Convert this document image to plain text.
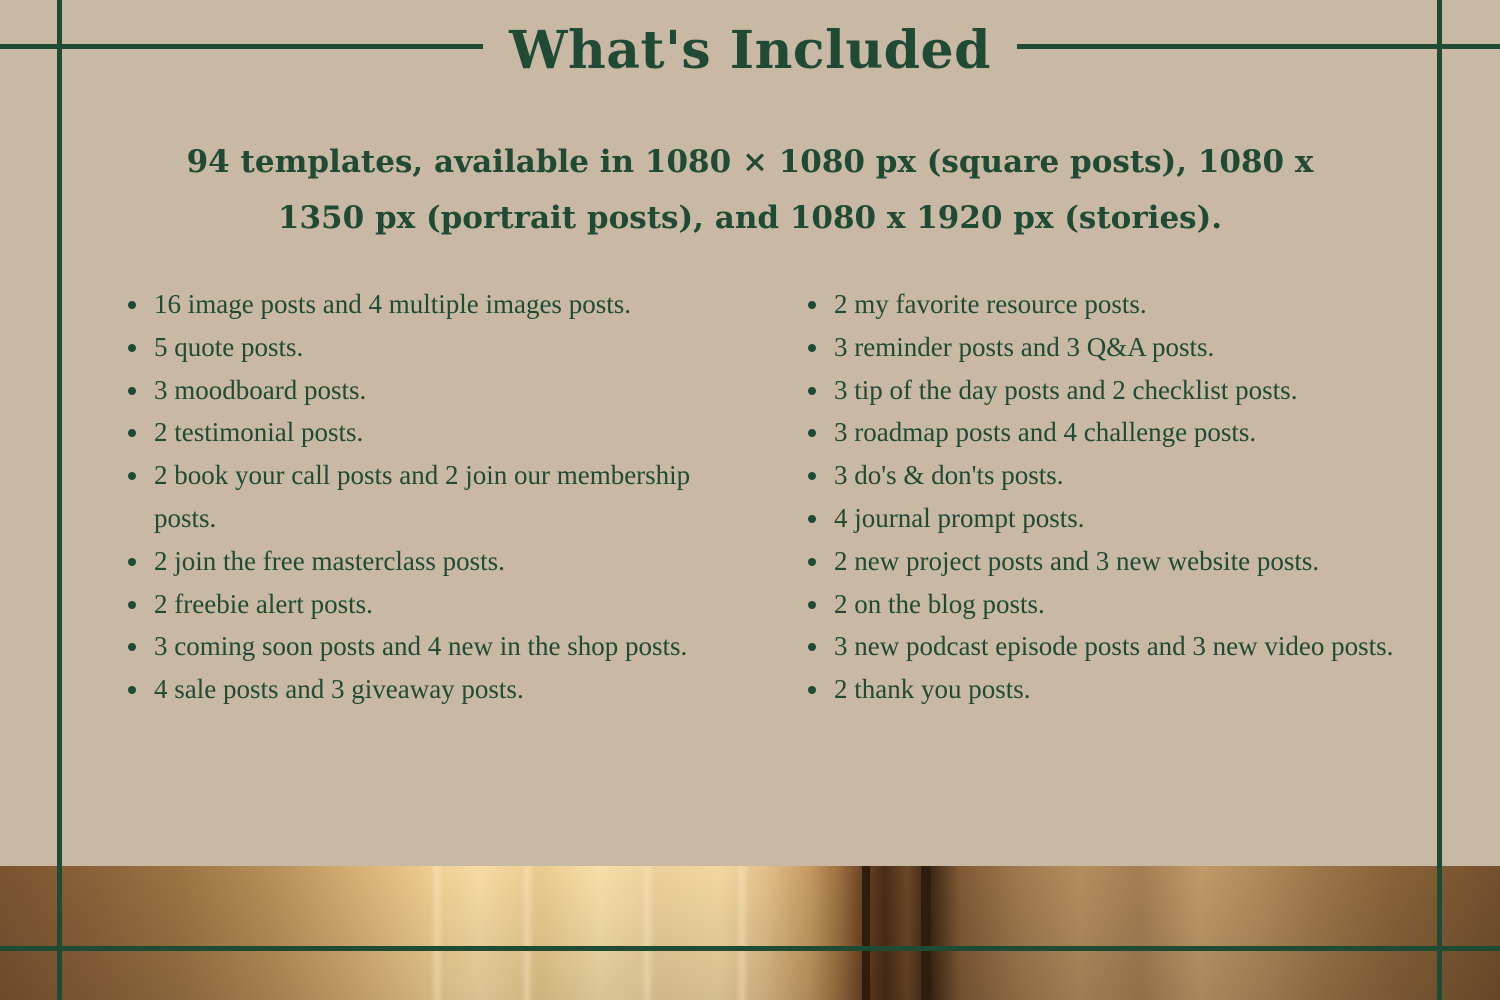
What's Included

94 templates, available in 1080 × 1080 px (square posts), 1080 x 1350 px (portrait posts), and 1080 x 1920 px (stories).

16 image posts and 4 multiple images posts.
5 quote posts.
3 moodboard posts.
2 testimonial posts.
2 book your call posts and 2 join our membership posts.
2 join the free masterclass posts.
2 freebie alert posts.
3 coming soon posts and 4 new in the shop posts.
4 sale posts and 3 giveaway posts.
2 my favorite resource posts.
3 reminder posts and 3 Q&A posts.
3 tip of the day posts and 2 checklist posts.
3 roadmap posts and 4 challenge posts.
3 do's & don'ts posts.
4 journal prompt posts.
2 new project posts and 3 new website posts.
2 on the blog posts.
3 new podcast episode posts and 3 new video posts.
2 thank you posts.
